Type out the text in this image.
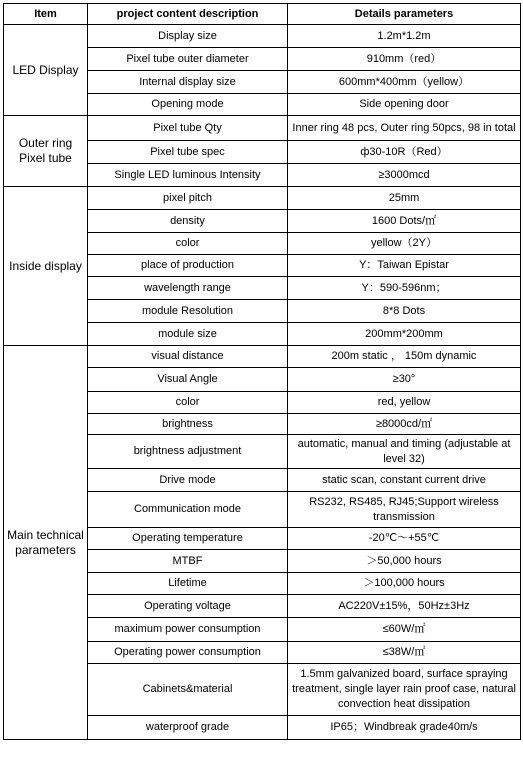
Item	project content description	Details parameters
LED Display	Display size	1.2m*1.2m
	Pixel tube outer diameter	910mm（red）
	Internal display size	600mm*400mm（yellow）
	Opening mode	Side opening door
Outer ring Pixel tube	Pixel tube Qty	Inner ring 48 pcs, Outer ring 50pcs, 98 in total
	Pixel tube spec	ф30-10R（Red）
	Single LED luminous Intensity	≥3000mcd
Inside display	pixel pitch	25mm
	density	1600 Dots/㎡
	color	yellow（2Y）
	place of production	Y：Taiwan Epistar
	wavelength range	Y：590-596nm；
	module Resolution	8*8 Dots
	module size	200mm*200mm
Main technical parameters	visual distance	200m static ， 150m dynamic
	Visual Angle	≥30°
	color	red, yellow
	brightness	≥8000cd/㎡
	brightness adjustment	automatic, manual and timing (adjustable at level 32)
	Drive mode	static scan, constant current drive
	Communication mode	RS232, RS485, RJ45;Support wireless transmission
	Operating temperature	-20℃～+55℃
	MTBF	＞50,000 hours
	Lifetime	＞100,000 hours
	Operating voltage	AC220V±15%，50Hz±3Hz
	maximum power consumption	≤60W/㎡
	Operating power consumption	≤38W/㎡
	Cabinets&material	1.5mm galvanized board, surface spraying treatment, single layer rain proof case, natural convection heat dissipation
	waterproof grade	IP65；Windbreak grade40m/s
